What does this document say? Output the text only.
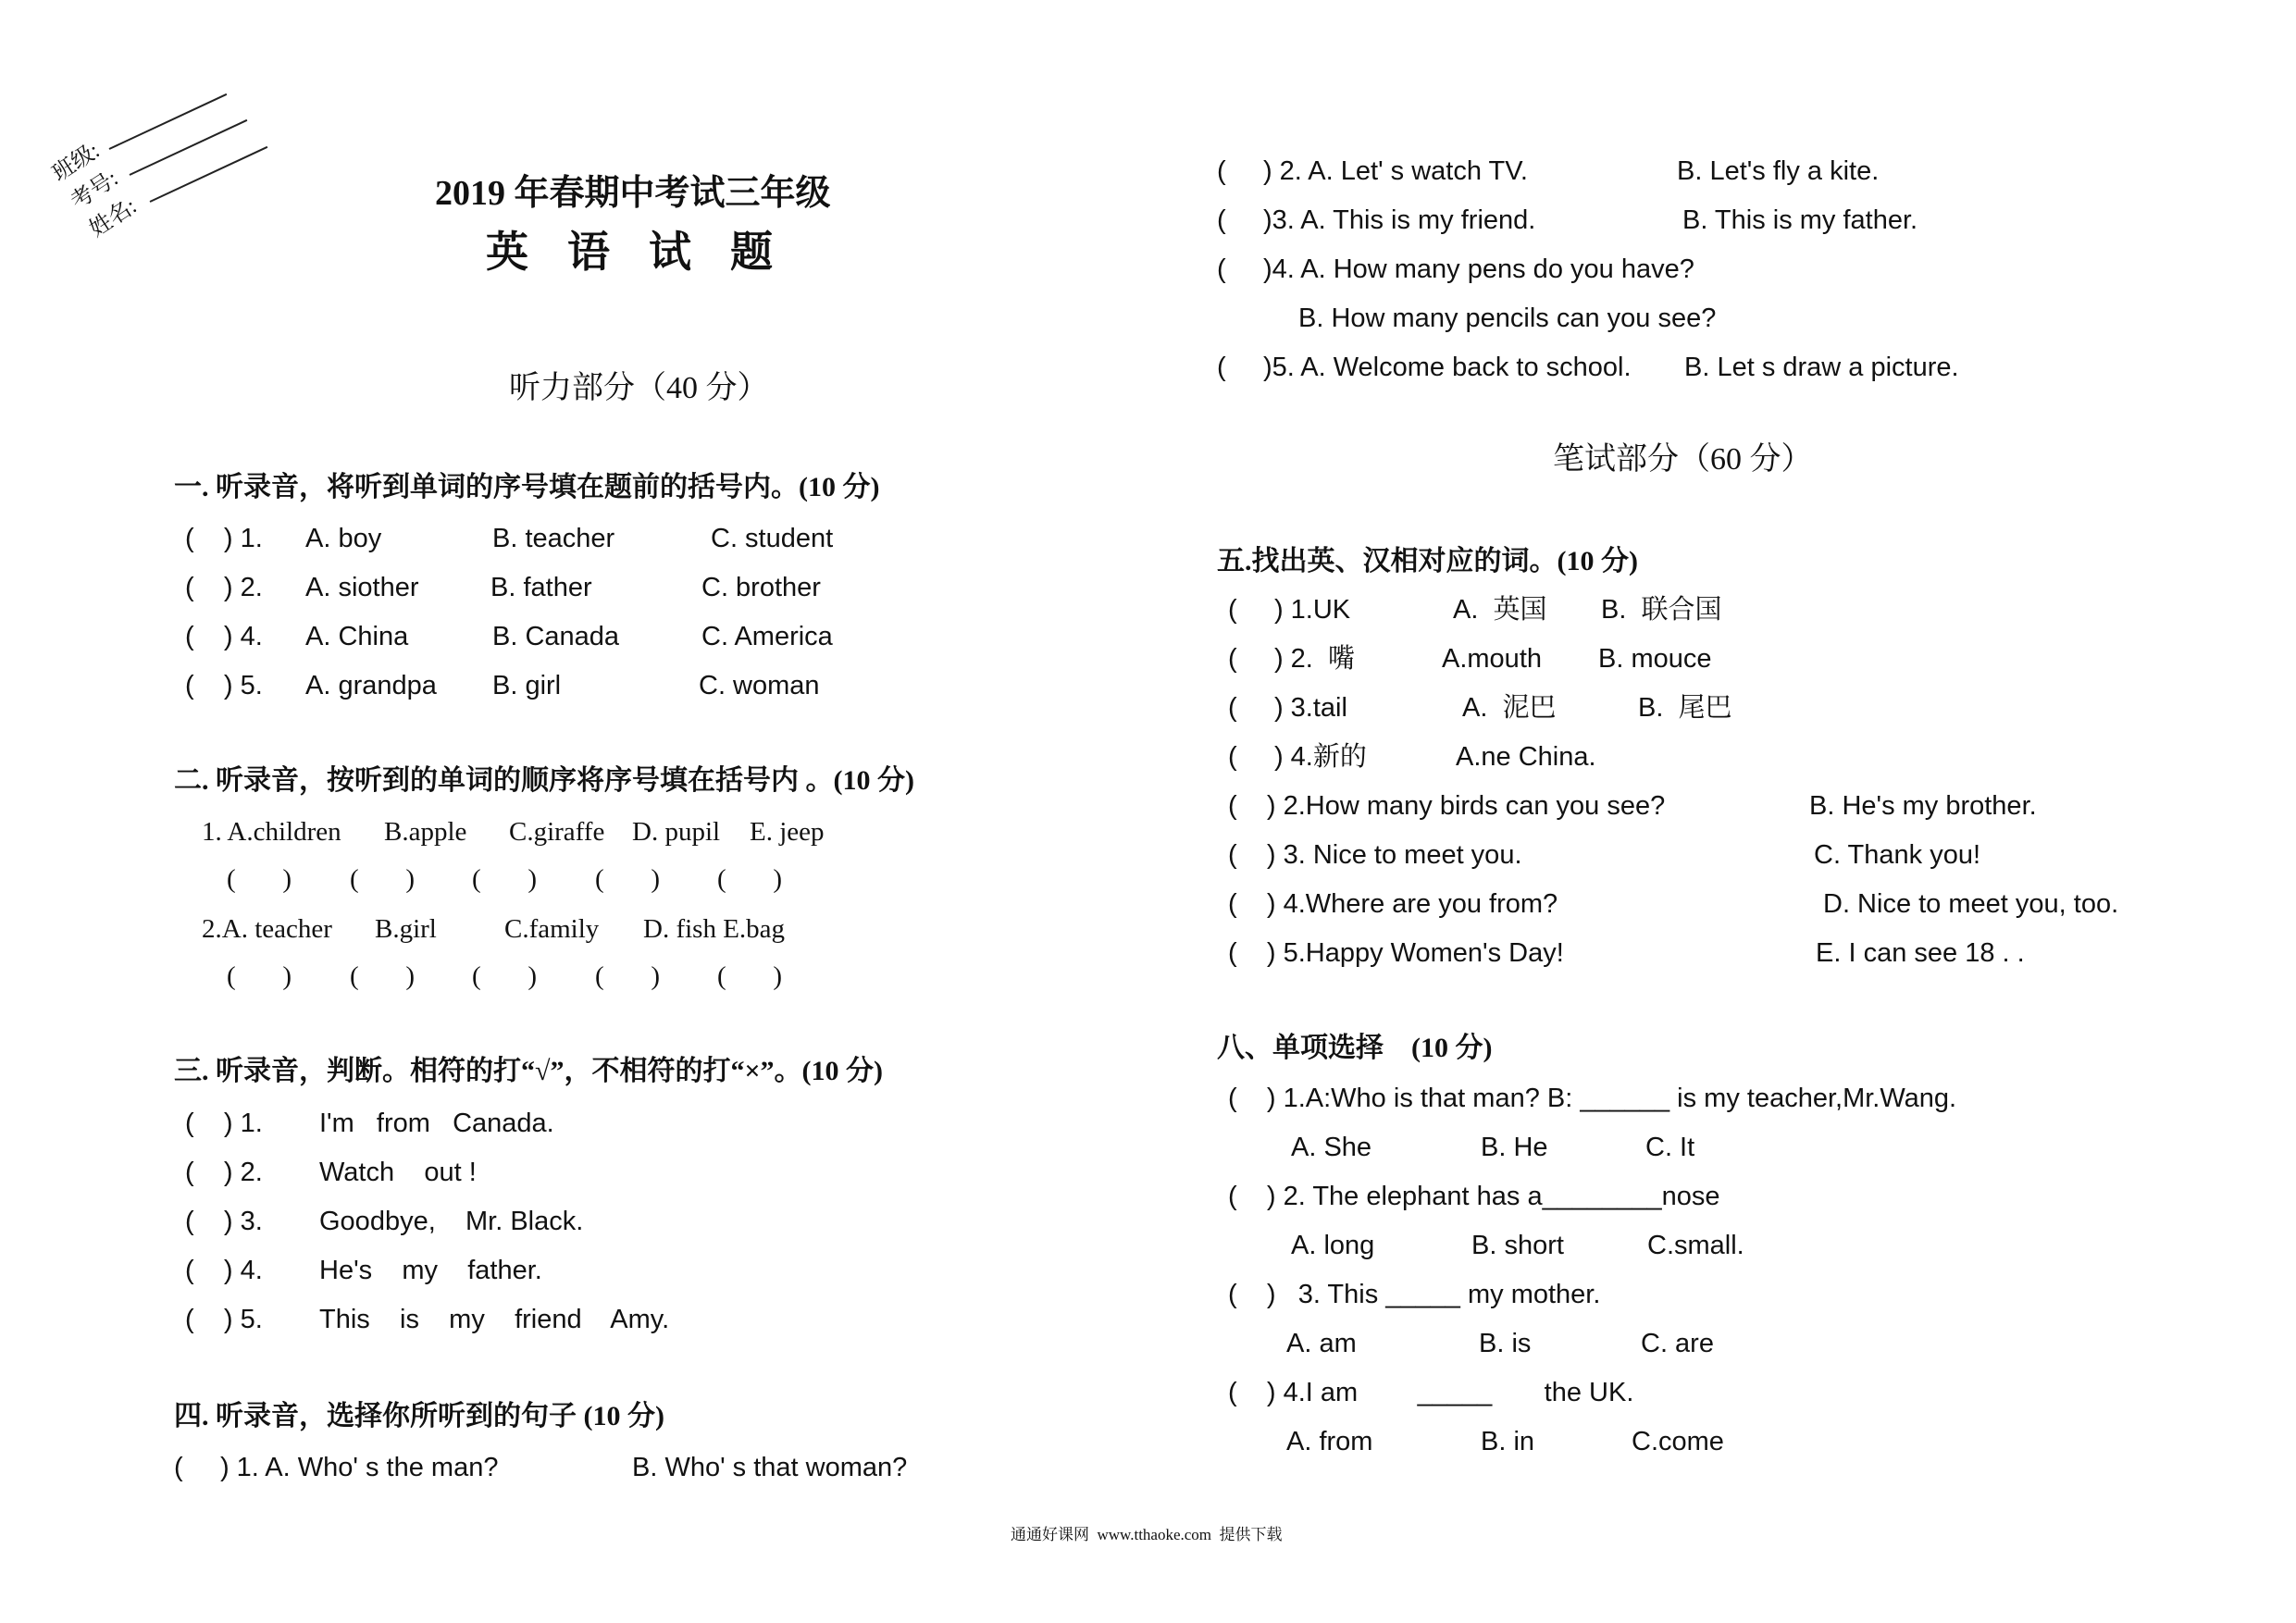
班级:
考号:
姓名:
2019 年春期中考试三年级
英语试题
听力部分（40 分）
一. 听录音，将听到单词的序号填在题前的括号内。(10 分)
(    ) 1. A. boy	B. teacher	C. student
(    ) 2. A. siother	B. father	C. brother
(    ) 4. A. China	B. Canada	C. America
(    ) 5. A. grandpa B. girl	C. woman
二. 听录音，按听到的单词的顺序将序号填在括号内 。(10 分)
1. A.children B.apple C.giraffe D. pupil E. jeep
(       ) (       ) (       ) (       ) (       )
2.A. teacher B.girl	C.family D. fish E.bag
(       ) (       ) (       ) (       ) (       )
三. 听录音，判断。相符的打“√”，不相符的打“×”。(10 分)
(    ) 1. I'm   from   Canada.
(    ) 2. Watch    out !
(    ) 3. Goodbye,    Mr. Black.
(    ) 4. He's    my    father.
(    ) 5. This    is    my    friend    Amy.
四. 听录音，选择你所听到的句子 (10 分)
(     ) 1. A. Who' s the man?	B. Who' s that woman?
(     ) 2. A. Let' s watch TV.	B. Let's fly a kite.
(     )3. A. This is my friend.	B. This is my father.
(     )4. A. How many pens do you have?
B. How many pencils can you see?
(     )5. A. Welcome back to school. B. Let s draw a picture.
笔试部分（60 分）
五.找出英、汉相对应的词。(10 分)
(     ) 1.UK	A.  英国 B.  联合国
(     ) 2.  嘴	A.mouth B. mouce
(     ) 3.tail	A.  泥巴	B.  尾巴
(     ) 4.新的	A.ne China.
(    ) 2.How many birds can you see?	B. He's my brother.
(    ) 3. Nice to meet you.	C. Thank you!
(    ) 4.Where are you from?	D. Nice to meet you, too.
(    ) 5.Happy Women's Day!	E. I can see 18 . .
八、单项选择    (10 分)
(    ) 1.A:Who is that man? B: ______ is my teacher,Mr.Wang.
A. She	B. He	C. It
(    ) 2. The elephant has a________nose
A. long	B. short	C.small.
(    )   3. This _____ my mother.
A. am	B. is	C. are
(    ) 4.I am        _____       the UK.
A. from	B. in	C.come
通通好课网  www.tthaoke.com  提供下载
